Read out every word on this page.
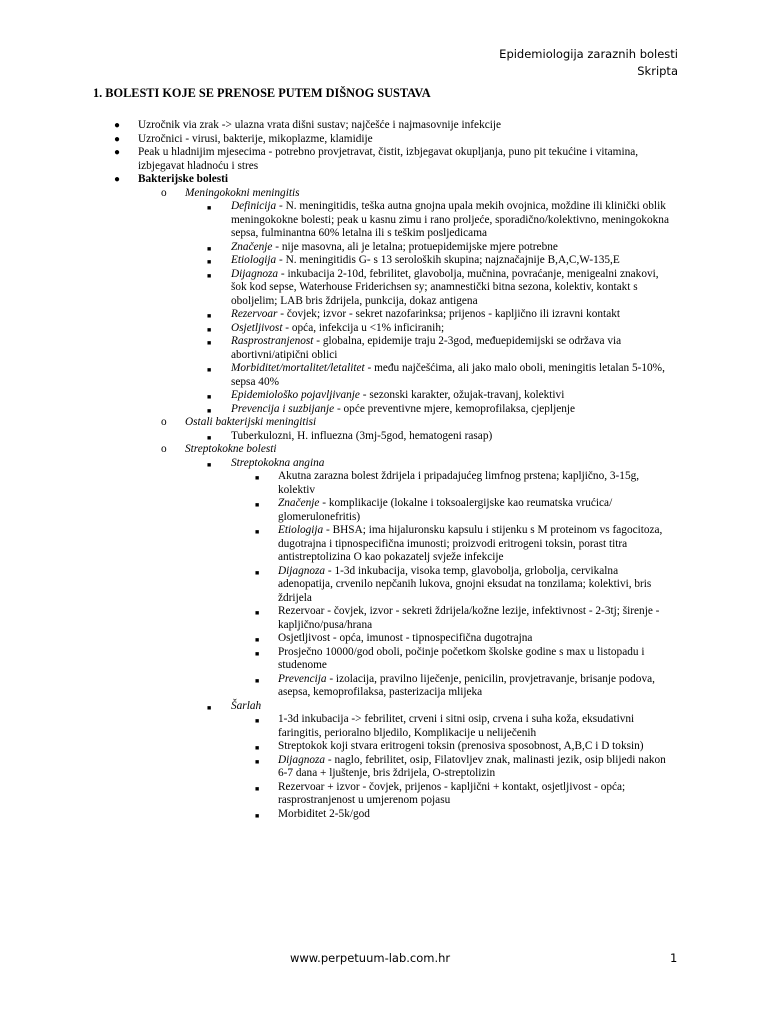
Epidemiologija zaraznih bolesti
Skripta
1. BOLESTI KOJE SE PRENOSE PUTEM DIŠNOG SUSTAVA
● Uzročnik via zrak -> ulazna vrata dišni sustav; najčešće i najmasovnije infekcije
● Uzročnici - virusi, bakterije, mikoplazme, klamidije
● Peak u hladnijim mjesecima - potrebno provjetravat, čistit, izbjegavat okupljanja, puno pit tekućine i vitamina, izbjegavat hladnoću i stres
● Bakterijske bolesti
o Meningokokni meningitis
■ Definicija - N. meningitidis, teška autna gnojna upala mekih ovojnica, moždine ili klinički oblik meningokokne bolesti; peak u kasnu zimu i rano proljeće, sporadično/kolektivno, meningokokna sepsa, fulminantna 60% letalna ili s teškim posljedicama
■ Značenje - nije masovna, ali je letalna; protuepidemijske mjere potrebne
■ Etiologija - N. meningitidis G- s 13 seroloških skupina; najznačajnije B,A,C,W-135,E
■ Dijagnoza - inkubacija 2-10d, febrilitet, glavobolja, mučnina, povraćanje, menigealni znakovi, šok kod sepse, Waterhouse Friderichsen sy; anamnestički bitna sezona, kolektiv, kontakt s oboljelim; LAB bris ždrijela, punkcija, dokaz antigena
■ Rezervoar - čovjek; izvor - sekret nazofarinksa; prijenos - kapljično ili izravni kontakt
■ Osjetljivost - opća, infekcija u <1% inficiranih;
■ Rasprostranjenost - globalna, epidemije traju 2-3god, međuepidemijski se održava via abortivni/atipični oblici
■ Morbiditet/mortalitet/letalitet - među najčešćima, ali jako malo oboli, meningitis letalan 5-10%, sepsa 40%
■ Epidemiološko pojavljivanje - sezonski karakter, ožujak-travanj, kolektivi
■ Prevencija i suzbijanje - opće preventivne mjere, kemoprofilaksa, cjepljenje
o Ostali bakterijski meningitisi
■ Tuberkulozni, H. influezna (3mj-5god, hematogeni rasap)
o Streptokokne bolesti
■ Streptokokna angina
■ Akutna zarazna bolest ždrijela i pripadajućeg limfnog prstena; kapljično, 3-15g, kolektiv
■ Značenje - komplikacije (lokalne i toksoalergijske kao reumatska vrućica/ glomerulonefritis)
■ Etiologija - BHSA; ima hijaluronsku kapsulu i stijenku s M proteinom vs fagocitoza, dugotrajna i tipnospecifična imunosti; proizvodi eritrogeni toksin, porast titra antistreptolizina O kao pokazatelj svježe infekcije
■ Dijagnoza - 1-3d inkubacija, visoka temp, glavobolja, grlobolja, cervikalna adenopatija, crvenilo nepčanih lukova, gnojni eksudat na tonzilama; kolektivi, bris ždrijela
■ Rezervoar - čovjek, izvor - sekreti ždrijela/kožne lezije, infektivnost - 2-3tj; širenje - kapljično/pusa/hrana
■ Osjetljivost - opća, imunost - tipnospecifična dugotrajna
■ Prosječno 10000/god oboli, počinje početkom školske godine s max u listopadu i studenome
■ Prevencija - izolacija, pravilno liječenje, penicilin, provjetravanje, brisanje podova, asepsa, kemoprofilaksa, pasterizacija mlijeka
■ Šarlah
■ 1-3d inkubacija -> febrilitet, crveni i sitni osip, crvena i suha koža, eksudativni faringitis, perioralno bljedilo, Komplikacije u neliječenih
■ Streptokok koji stvara eritrogeni toksin (prenosiva sposobnost, A,B,C i D toksin)
■ Dijagnoza - naglo, febrilitet, osip, Filatovljev znak, malinasti jezik, osip blijedi nakon 6-7 dana + ljuštenje, bris ždrijela, O-streptolizin
■ Rezervoar + izvor - čovjek, prijenos - kapljični + kontakt, osjetljivost - opća; rasprostranjenost u umjerenom pojasu
■ Morbiditet 2-5k/god
www.perpetuum-lab.com.hr	1
